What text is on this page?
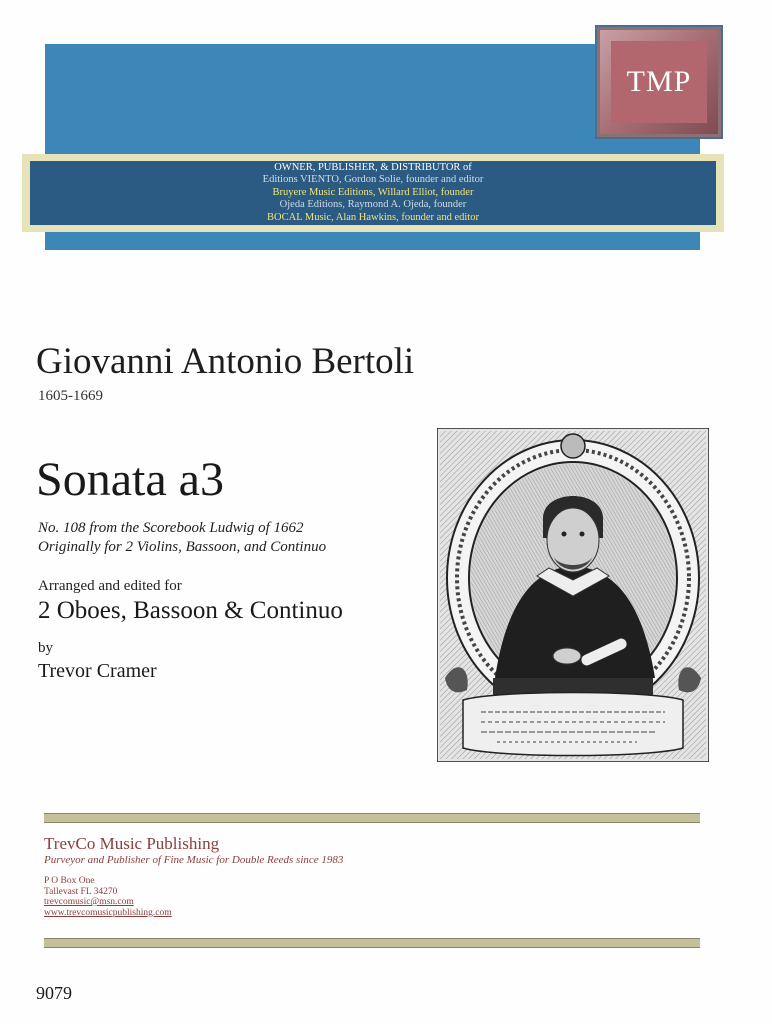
TMP
OWNER, PUBLISHER, & DISTRIBUTOR of
Editions VIENTO, Gordon Solie, founder and editor
Bruyere Music Editions, Willard Elliot, founder
Ojeda Editions, Raymond A. Ojeda, founder
BOCAL Music, Alan Hawkins, founder and editor
Giovanni Antonio Bertoli
1605-1669
Sonata a3
No. 108 from the Scorebook Ludwig of 1662
Originally for 2 Violins, Bassoon, and Continuo
Arranged and edited for
2 Oboes, Bassoon & Continuo
by
Trevor Cramer
TrevCo Music Publishing
Purveyor and Publisher of Fine Music for Double Reeds since 1983
P O Box One
Tallevast FL 34270
trevcomusic@msn.com
www.trevcomusicpublishing.com
9079
